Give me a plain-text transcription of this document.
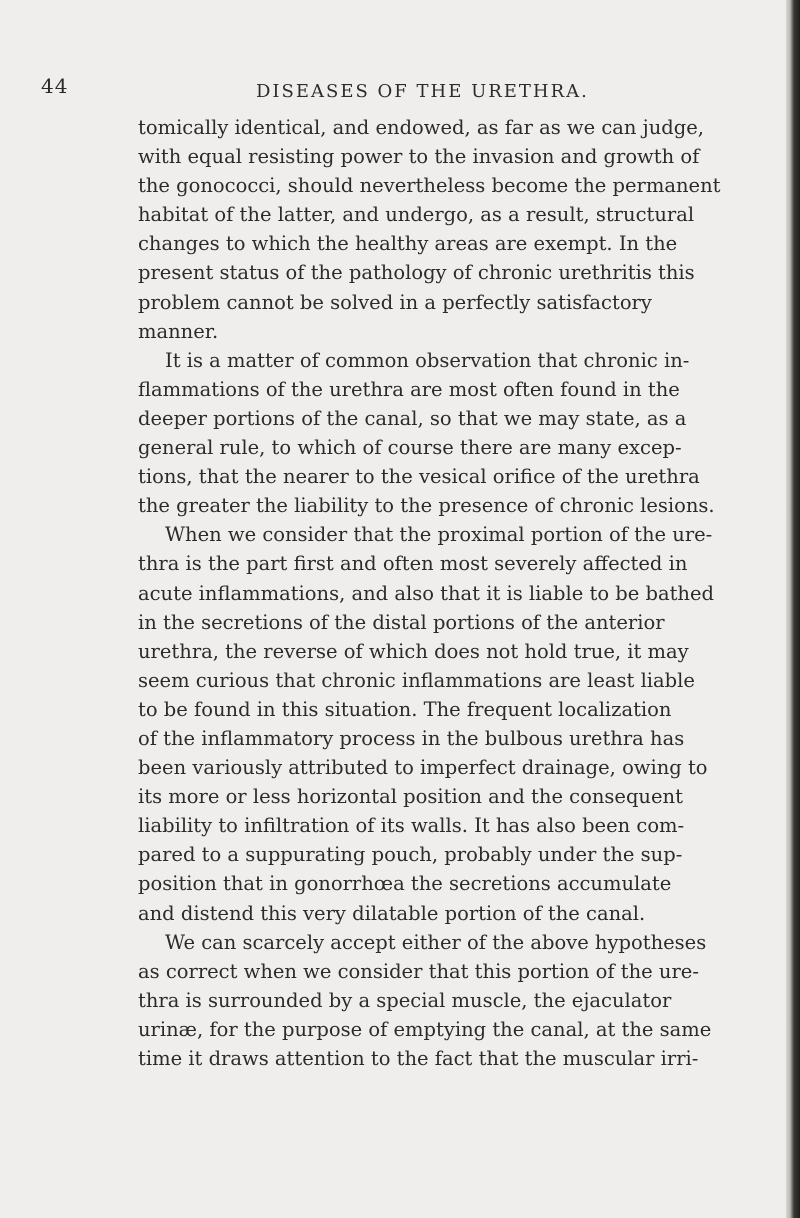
44	DISEASES OF THE URETHRA.
tomically identical, and endowed, as far as we can judge,
with equal resisting power to the invasion and growth of
the gonococci, should nevertheless become the permanent
habitat of the latter, and undergo, as a result, structural
changes to which the healthy areas are exempt. In the
present status of the pathology of chronic urethritis this
problem cannot be solved in a perfectly satisfactory
manner.
It is a matter of common observation that chronic in-
flammations of the urethra are most often found in the
deeper portions of the canal, so that we may state, as a
general rule, to which of course there are many excep-
tions, that the nearer to the vesical orifice of the urethra
the greater the liability to the presence of chronic lesions.
When we consider that the proximal portion of the ure-
thra is the part first and often most severely affected in
acute inflammations, and also that it is liable to be bathed
in the secretions of the distal portions of the anterior
urethra, the reverse of which does not hold true, it may
seem curious that chronic inflammations are least liable
to be found in this situation. The frequent localization
of the inflammatory process in the bulbous urethra has
been variously attributed to imperfect drainage, owing to
its more or less horizontal position and the consequent
liability to infiltration of its walls. It has also been com-
pared to a suppurating pouch, probably under the sup-
position that in gonorrhœa the secretions accumulate
and distend this very dilatable portion of the canal.
We can scarcely accept either of the above hypotheses
as correct when we consider that this portion of the ure-
thra is surrounded by a special muscle, the ejaculator
urinæ, for the purpose of emptying the canal, at the same
time it draws attention to the fact that the muscular irri-
